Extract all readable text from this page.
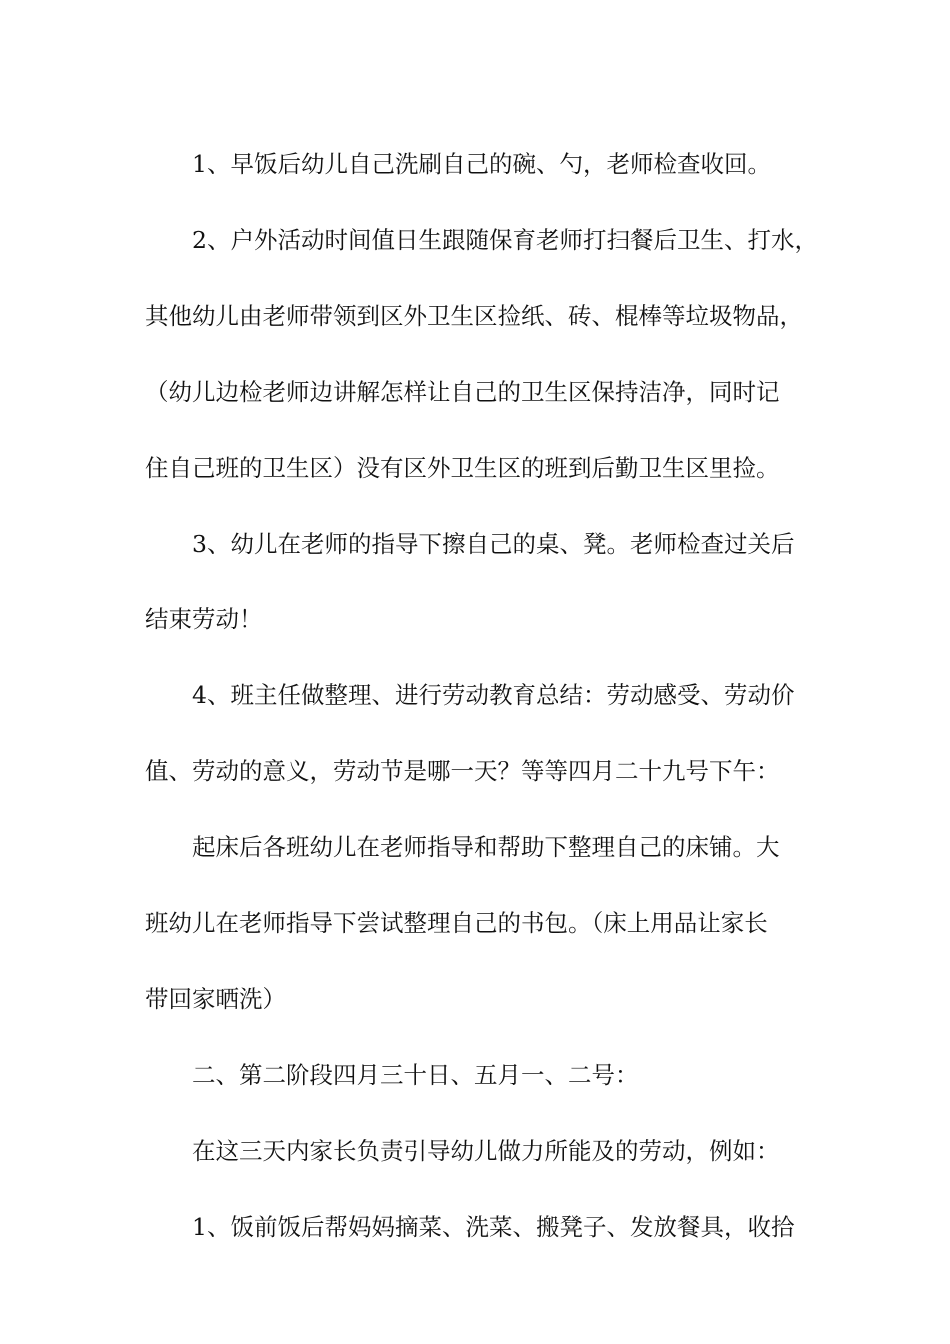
1、早饭后幼儿自己洗刷自己的碗、勺，老师检查收回。

2、户外活动时间值日生跟随保育老师打扫餐后卫生、打水，
其他幼儿由老师带领到区外卫生区捡纸、砖、棍棒等垃圾物品，
（幼儿边检老师边讲解怎样让自己的卫生区保持洁净，同时记
住自己班的卫生区）没有区外卫生区的班到后勤卫生区里捡。

3、幼儿在老师的指导下擦自己的桌、凳。老师检查过关后
结束劳动！

4、班主任做整理、进行劳动教育总结：劳动感受、劳动价
值、劳动的意义，劳动节是哪一天？等等四月二十九号下午：

起床后各班幼儿在老师指导和帮助下整理自己的床铺。大
班幼儿在老师指导下尝试整理自己的书包。（床上用品让家长
带回家晒洗）

二、第二阶段四月三十日、五月一、二号：

在这三天内家长负责引导幼儿做力所能及的劳动，例如：

1、饭前饭后帮妈妈摘菜、洗菜、搬凳子、发放餐具，收拾
